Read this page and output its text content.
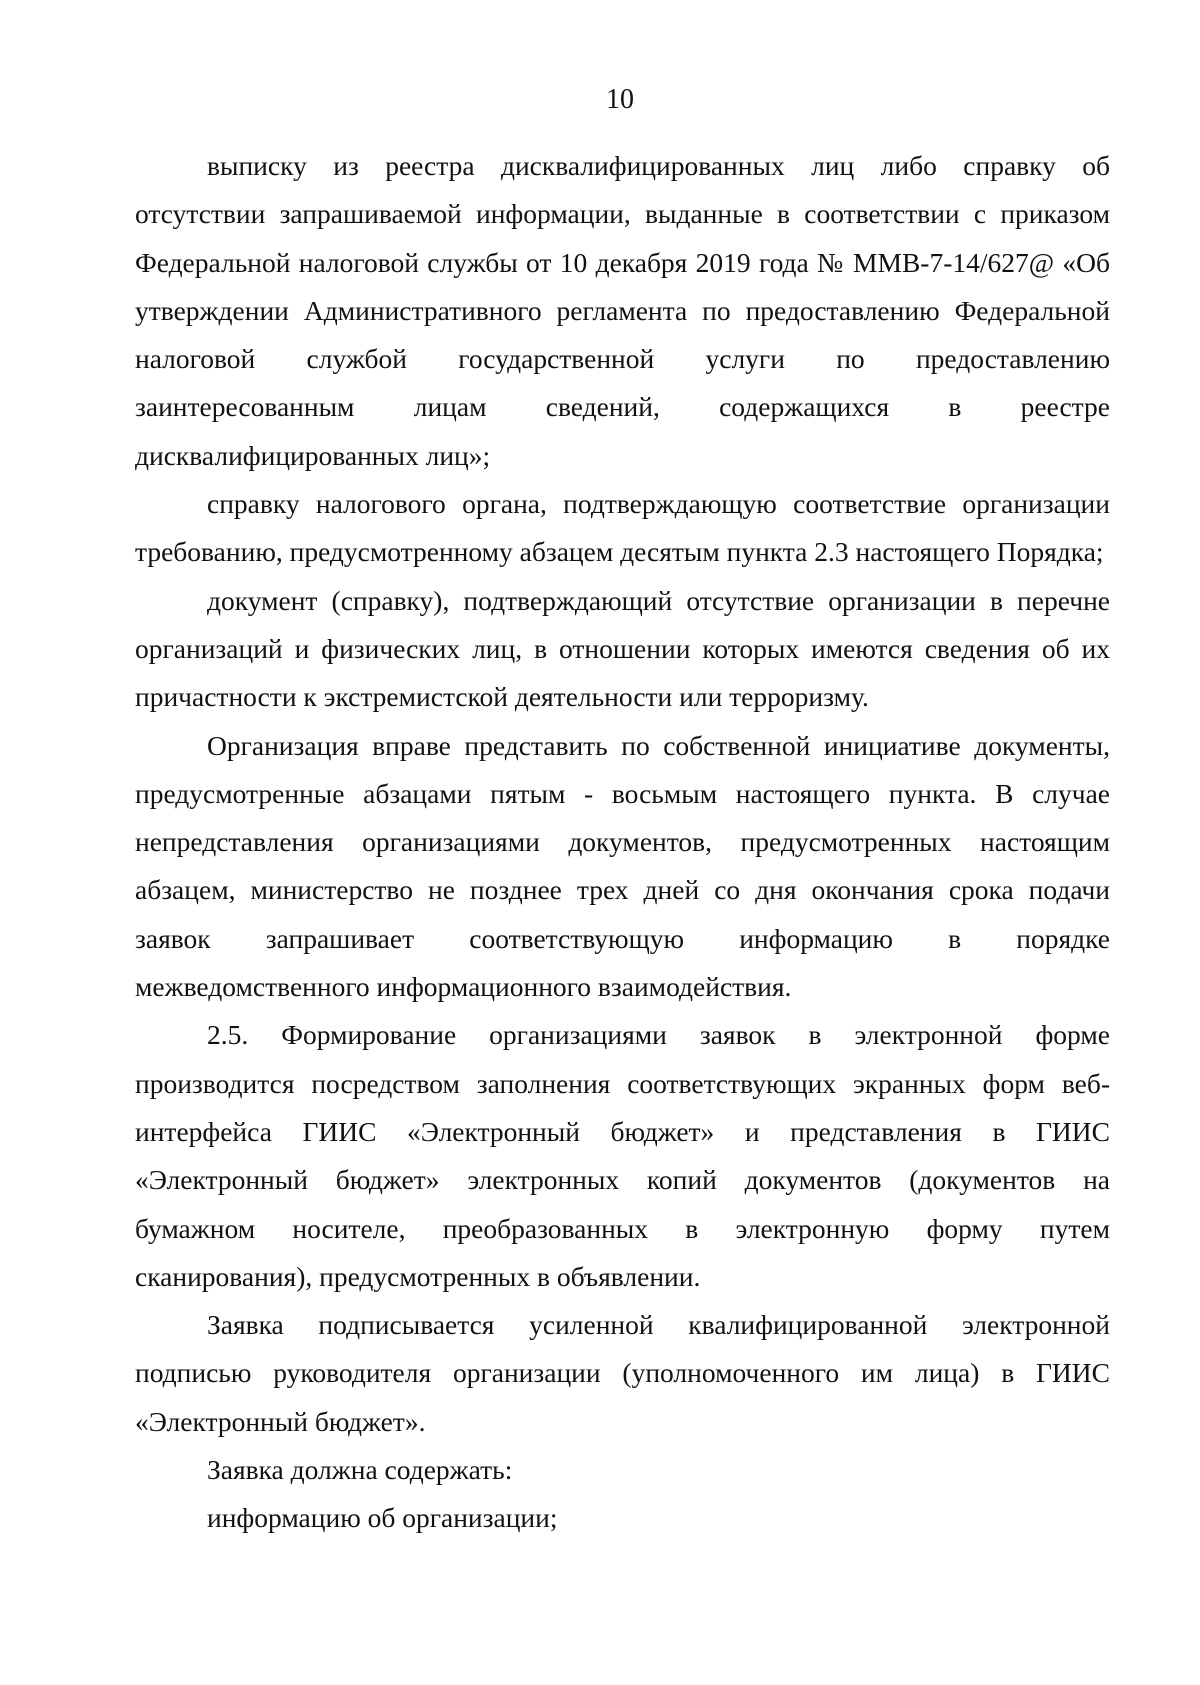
10

выписку из реестра дисквалифицированных лиц либо справку об отсутствии запрашиваемой информации, выданные в соответствии с приказом Федеральной налоговой службы от 10 декабря 2019 года № ММВ-7-14/627@ «Об утверждении Административного регламента по предоставлению Федеральной налоговой службой государственной услуги по предоставлению заинтересованным лицам сведений, содержащихся в реестре дисквалифицированных лиц»;

справку налогового органа, подтверждающую соответствие организации требованию, предусмотренному абзацем десятым пункта 2.3 настоящего Порядка;

документ (справку), подтверждающий отсутствие организации в перечне организаций и физических лиц, в отношении которых имеются сведения об их причастности к экстремистской деятельности или терроризму.

Организация вправе представить по собственной инициативе документы, предусмотренные абзацами пятым - восьмым настоящего пункта. В случае непредставления организациями документов, предусмотренных настоящим абзацем, министерство не позднее трех дней со дня окончания срока подачи заявок запрашивает соответствующую информацию в порядке межведомственного информационного взаимодействия.

2.5. Формирование организациями заявок в электронной форме производится посредством заполнения соответствующих экранных форм веб-интерфейса ГИИС «Электронный бюджет» и представления в ГИИС «Электронный бюджет» электронных копий документов (документов на бумажном носителе, преобразованных в электронную форму путем сканирования), предусмотренных в объявлении.

Заявка подписывается усиленной квалифицированной электронной подписью руководителя организации (уполномоченного им лица) в ГИИС «Электронный бюджет».

Заявка должна содержать:

информацию об организации;
